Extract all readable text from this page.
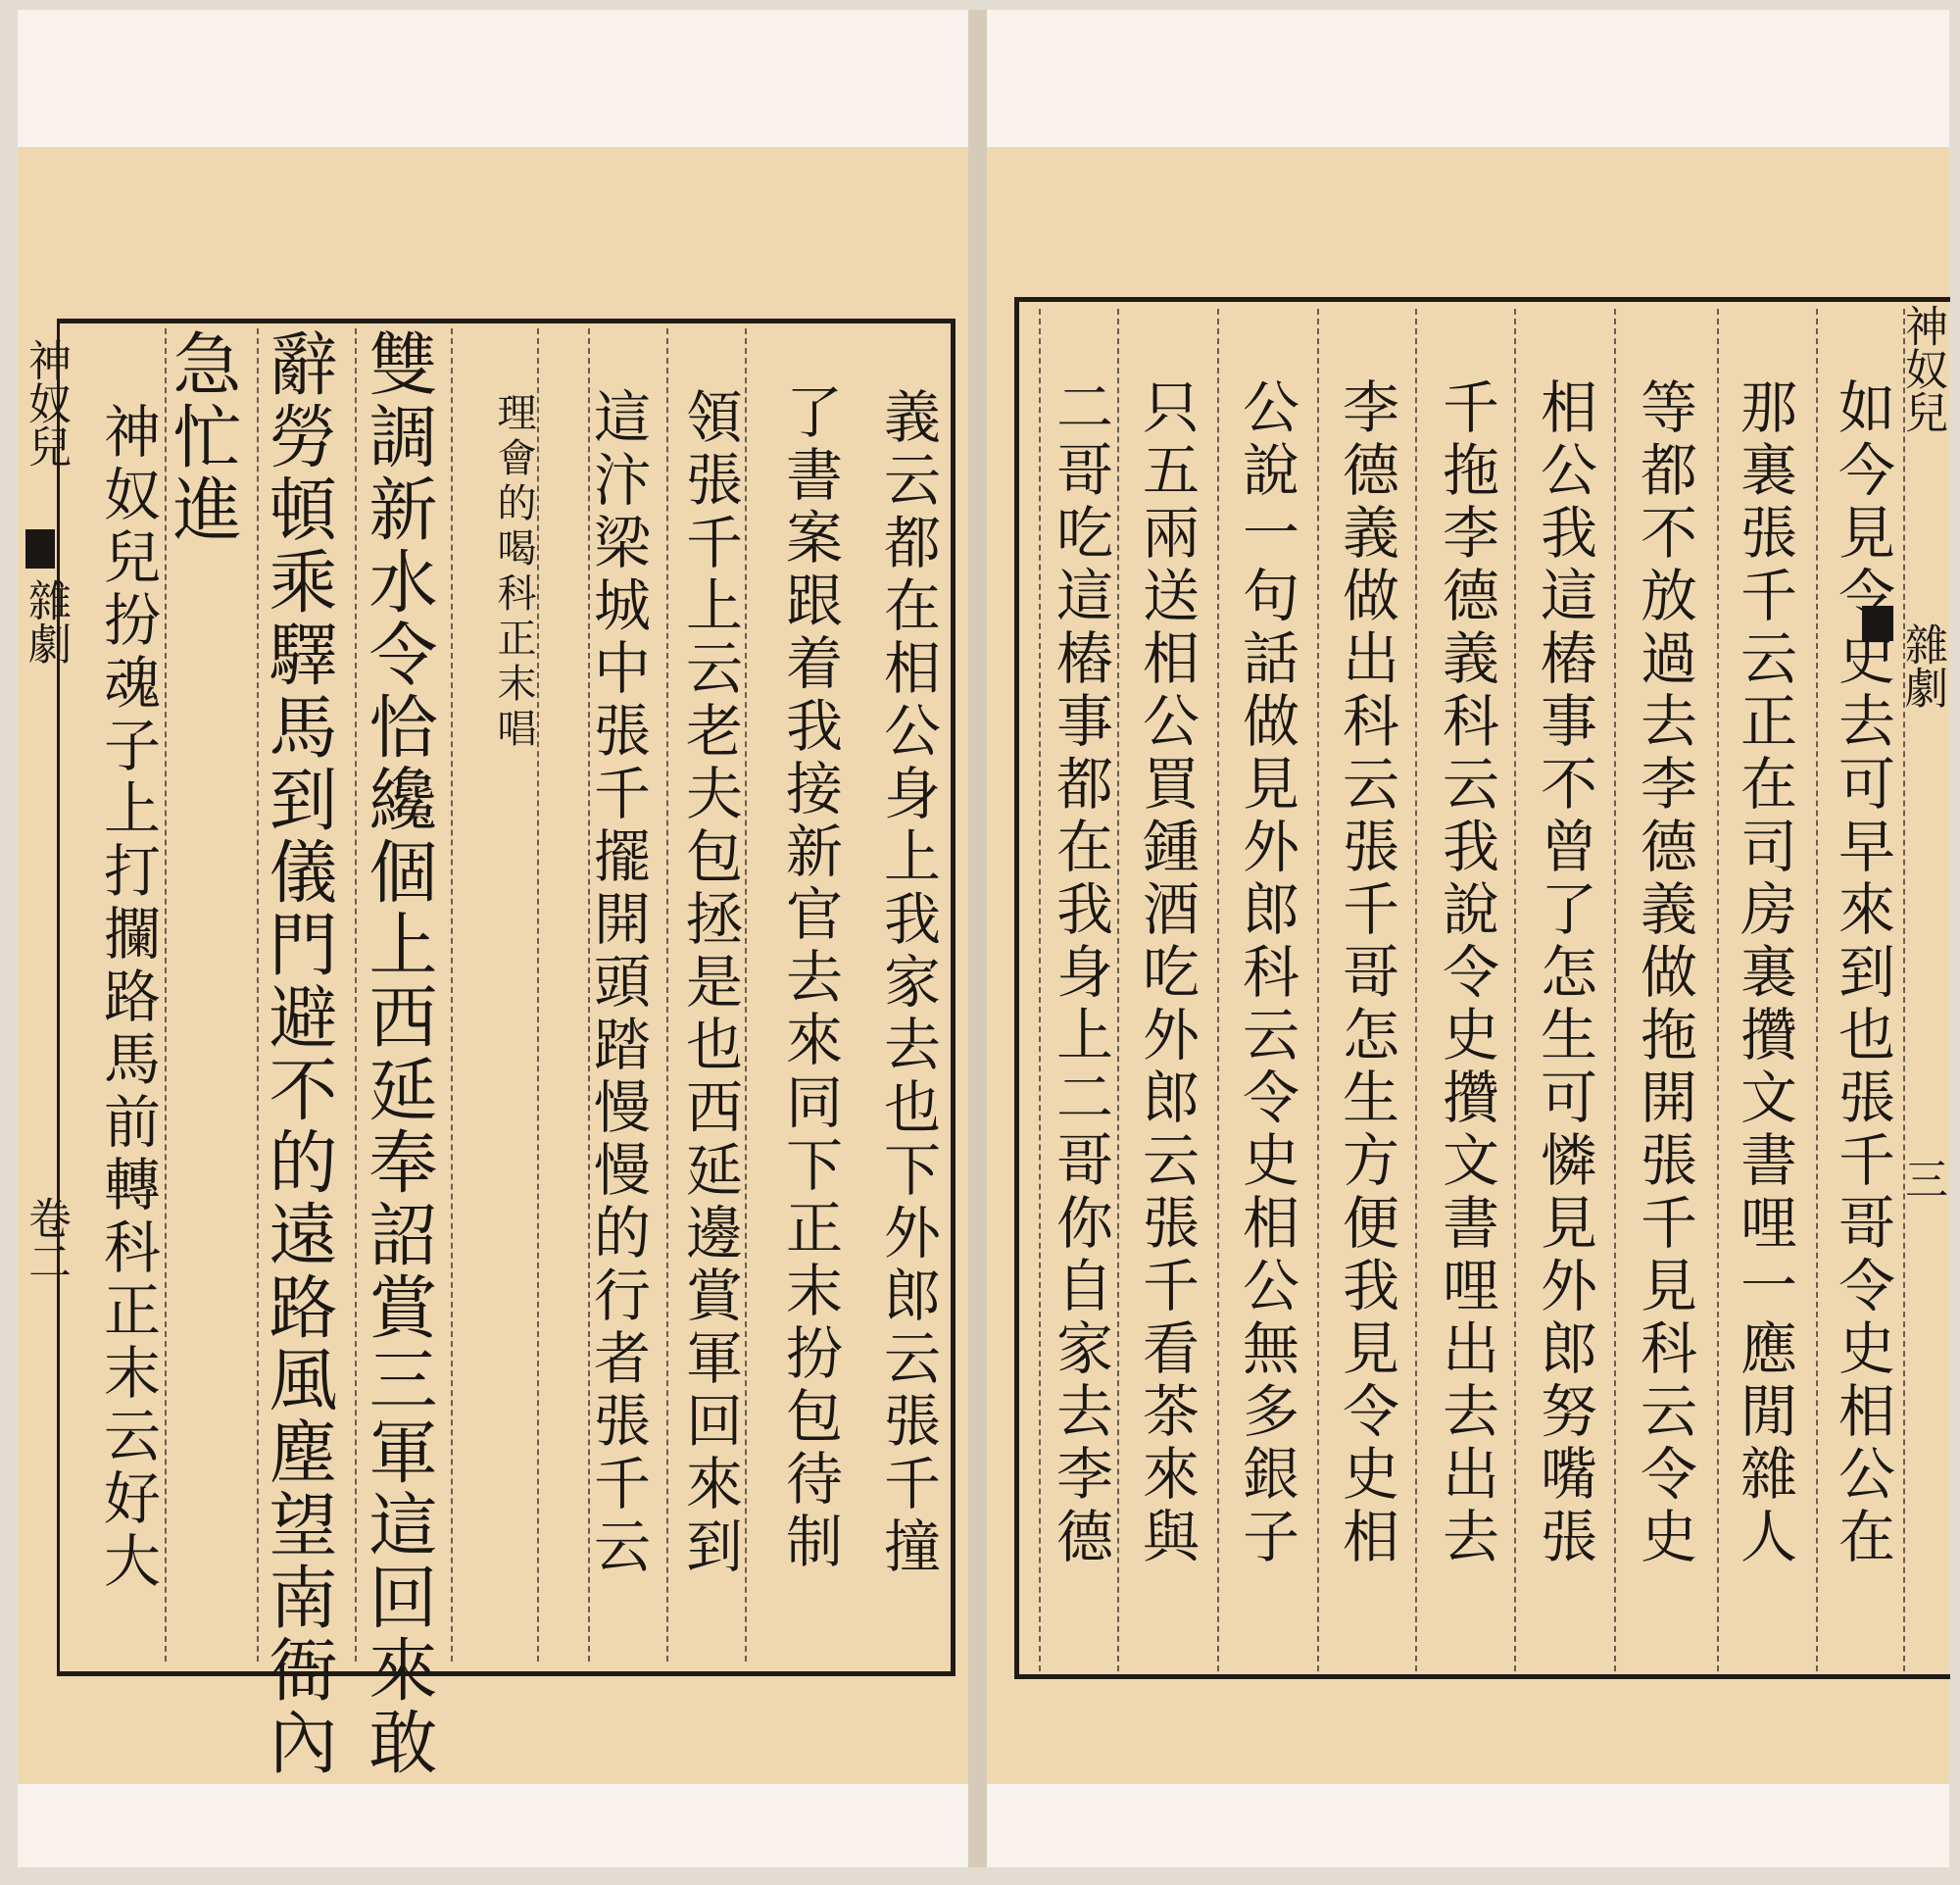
神奴兒
雜劇
卷二	義云都在相公身上我家去也下外郎云張千撞
了書案跟着我接新官去來同下正末扮包待制
領張千上云老夫包拯是也西延邊賞軍回來到
這汴梁城中張千擺開頭踏慢慢的行者張千云
理會的喝科正末唱
雙調新水令恰纔個上西延奉詔賞三軍這回來敢
辭勞頓乘驛馬到儀門避不的遠路風塵望南衙內
急忙進
神奴兒扮魂子上打攔路馬前轉科正末云好大
神奴兒
雜劇
三
如今見令史去可早來到也張千哥令史相公在
那裏張千云正在司房裏攢文書哩一應閒雜人
等都不放過去李德義做拖開張千見科云令史
相公我這樁事不曾了怎生可憐見外郎努嘴張
千拖李德義科云我說令史攢文書哩出去出去
李德義做出科云張千哥怎生方便我見令史相
公說一句話做見外郎科云令史相公無多銀子
只五兩送相公買鍾酒吃外郎云張千看茶來與
二哥吃這樁事都在我身上二哥你自家去李德
